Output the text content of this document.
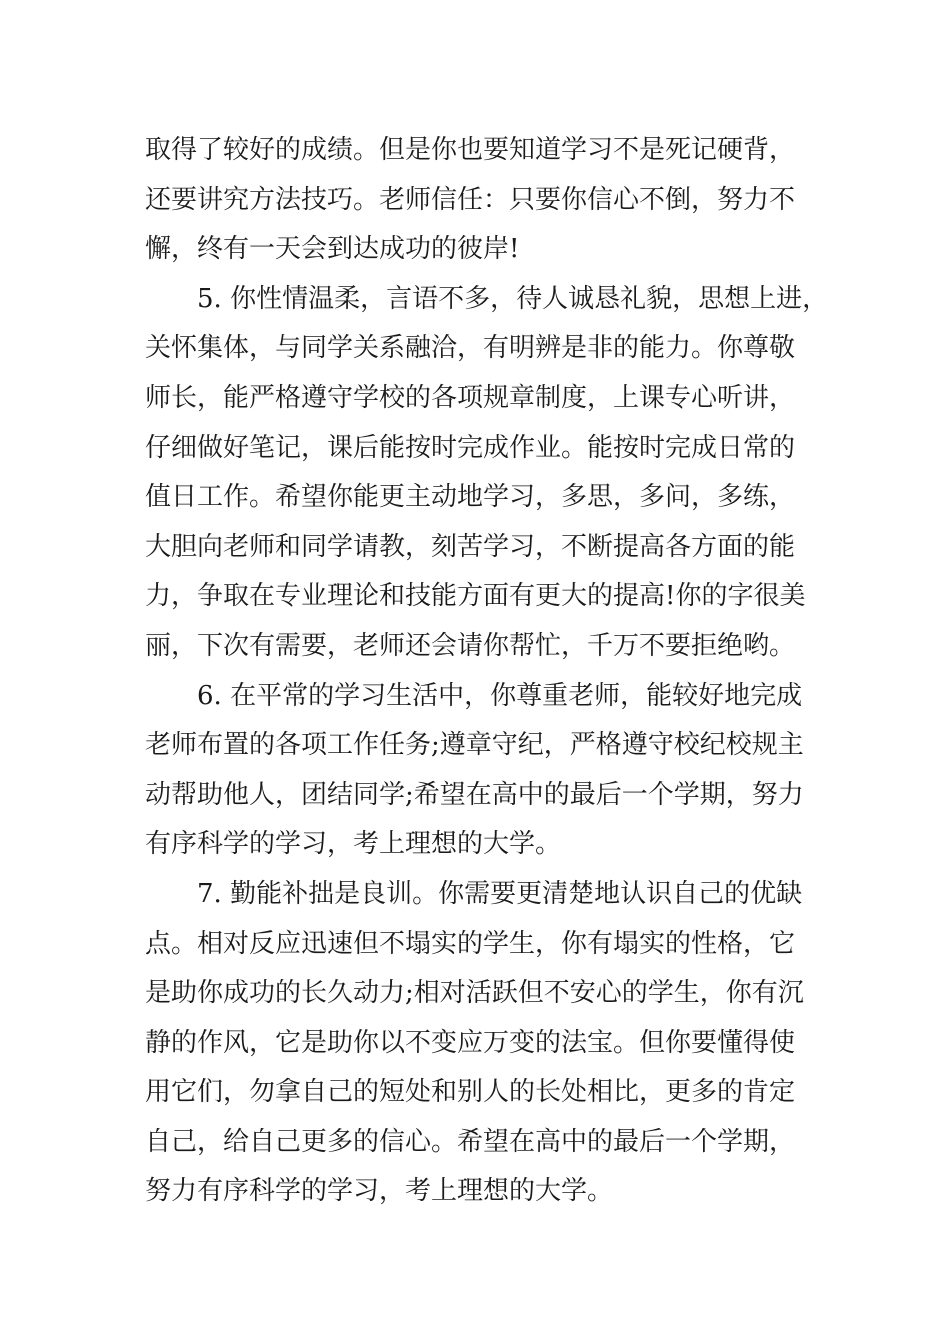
取得了较好的成绩。但是你也要知道学习不是死记硬背，
还要讲究方法技巧。老师信任：只要你信心不倒，努力不
懈，终有一天会到达成功的彼岸!
5. 你性情温柔，言语不多，待人诚恳礼貌，思想上进，
关怀集体，与同学关系融洽，有明辨是非的能力。你尊敬
师长，能严格遵守学校的各项规章制度，上课专心听讲，
仔细做好笔记，课后能按时完成作业。能按时完成日常的
值日工作。希望你能更主动地学习，多思，多问，多练，
大胆向老师和同学请教，刻苦学习，不断提高各方面的能
力，争取在专业理论和技能方面有更大的提高!你的字很美
丽，下次有需要，老师还会请你帮忙，千万不要拒绝哟。
6. 在平常的学习生活中，你尊重老师，能较好地完成
老师布置的各项工作任务;遵章守纪，严格遵守校纪校规主
动帮助他人，团结同学;希望在高中的最后一个学期，努力
有序科学的学习，考上理想的大学。
7. 勤能补拙是良训。你需要更清楚地认识自己的优缺
点。相对反应迅速但不塌实的学生，你有塌实的性格，它
是助你成功的长久动力;相对活跃但不安心的学生，你有沉
静的作风，它是助你以不变应万变的法宝。但你要懂得使
用它们，勿拿自己的短处和别人的长处相比，更多的肯定
自己，给自己更多的信心。希望在高中的最后一个学期，
努力有序科学的学习，考上理想的大学。
